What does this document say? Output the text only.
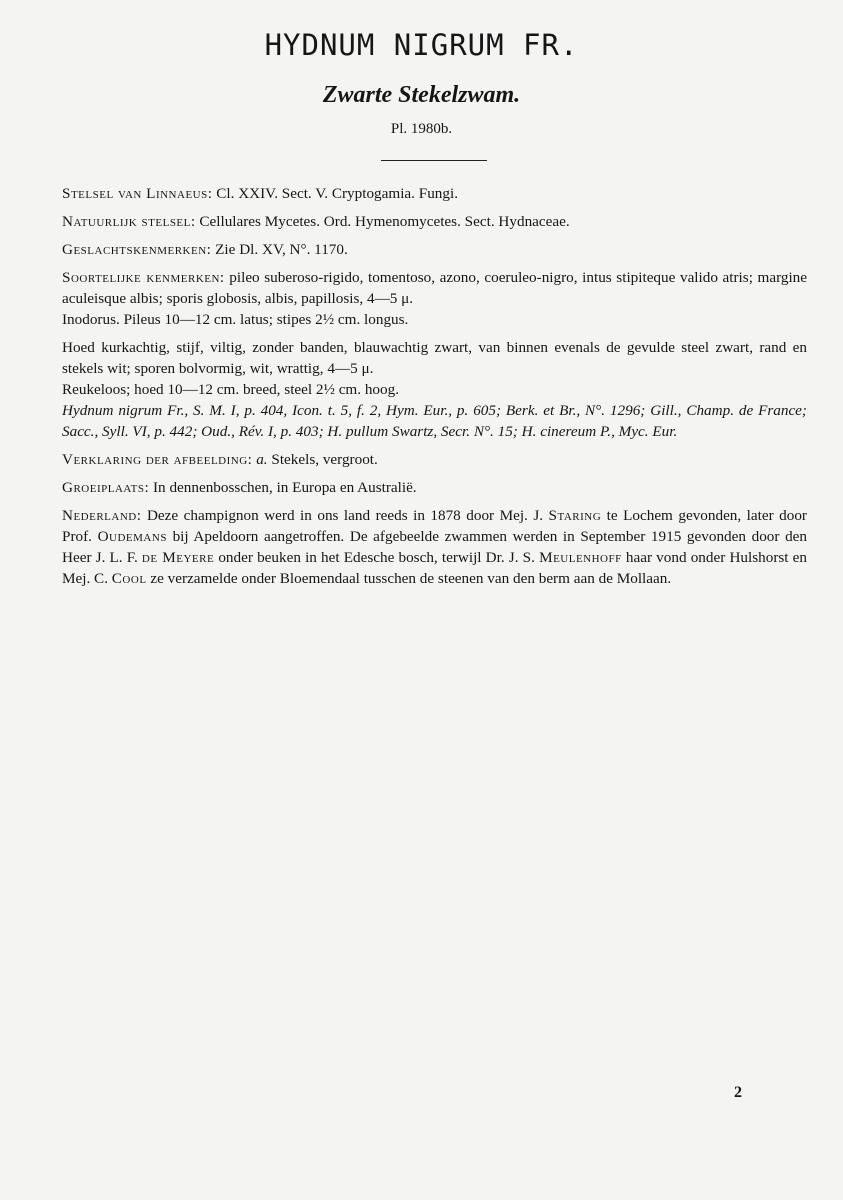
HYDNUM NIGRUM FR.
Zwarte Stekelzwam.
Pl. 1980b.

Stelsel van Linnaeus: Cl. XXIV. Sect. V. Cryptogamia. Fungi.

Natuurlijk stelsel: Cellulares Mycetes. Ord. Hymenomycetes. Sect. Hydnaceae.

Geslachtskenmerken: Zie Dl. XV, N°. 1170.

Soortelijke kenmerken: pileo suberoso-rigido, tomentoso, azono, coeruleo-nigro, intus stipiteque valido atris; margine aculeisque albis; sporis globosis, albis, papillosis, 4—5 μ.

Inodorus. Pileus 10—12 cm. latus; stipes 2½ cm. longus.

Hoed kurkachtig, stijf, viltig, zonder banden, blauwachtig zwart, van binnen evenals de gevulde steel zwart, rand en stekels wit; sporen bolvormig, wit, wrattig, 4—5 μ.

Reukeloos; hoed 10—12 cm. breed, steel 2½ cm. hoog.

Hydnum nigrum Fr., S. M. I, p. 404, Icon. t. 5, f. 2, Hym. Eur., p. 605; Berk. et Br., N°. 1296; Gill., Champ. de France; Sacc., Syll. VI, p. 442; Oud., Rév. I, p. 403; H. pullum Swartz, Secr. N°. 15; H. cinereum P., Myc. Eur.

Verklaring der afbeelding: a. Stekels, vergroot.

Groeiplaats: In dennenbosschen, in Europa en Australië.

Nederland: Deze champignon werd in ons land reeds in 1878 door Mej. J. Staring te Lochem gevonden, later door Prof. Oudemans bij Apeldoorn aangetroffen. De afgebeelde zwammen werden in September 1915 gevonden door den Heer J. L. F. de Meyere onder beuken in het Edesche bosch, terwijl Dr. J. S. Meulenhoff haar vond onder Hulshorst en Mej. C. Cool ze verzamelde onder Bloemendaal tusschen de steenen van den berm aan de Mollaan.

2
